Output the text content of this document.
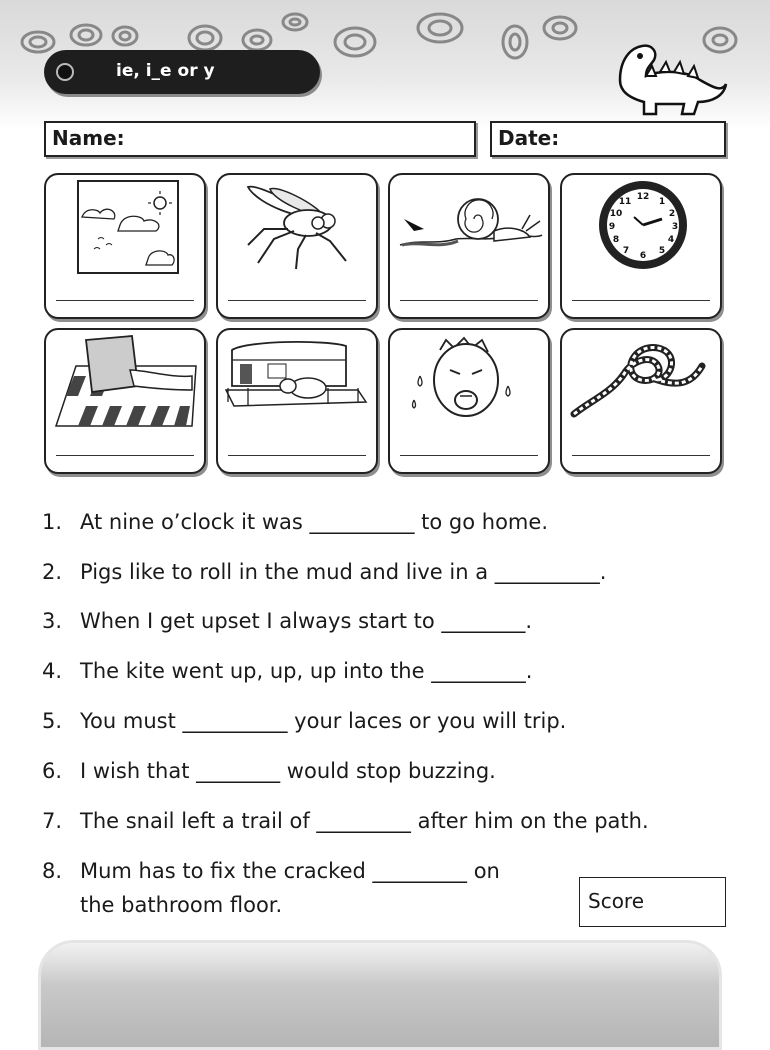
ie, i_e or y
Name:	Date:
12 1
2
3
4
5
6
7
8
9
10
11
1. At nine o’clock it was __________ to go home.
2. Pigs like to roll in the mud and live in a __________.
3. When I get upset I always start to ________.
4. The kite went up, up, up into the _________.
5. You must __________ your laces or you will trip.
6. I wish that ________ would stop buzzing.
7. The snail left a trail of _________ after him on the path.
8. Mum has to fix the cracked _________ on
the bathroom floor.	Score
